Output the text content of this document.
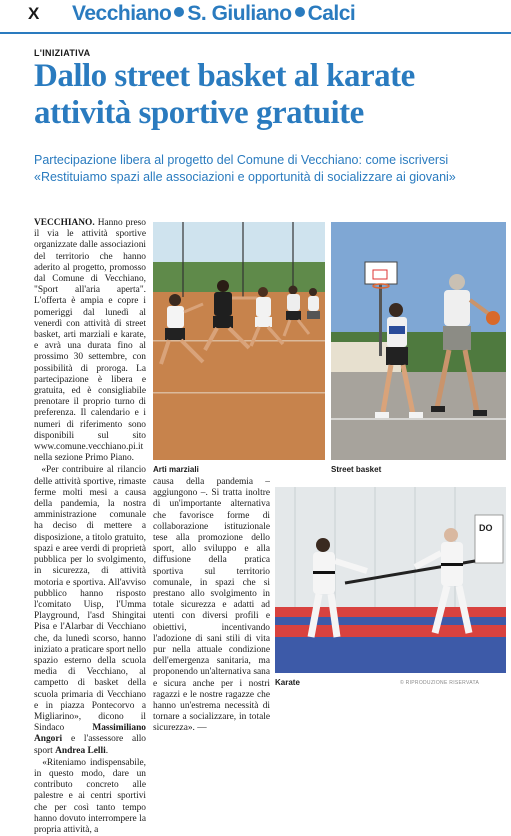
X Vecchiano S. Giuliano Calci
L'INIZIATIVA
Dallo street basket al karate attività sportive gratuite
Partecipazione libera al progetto del Comune di Vecchiano: come iscriversi
«Restituiamo spazi alle associazioni e opportunità di socializzare ai giovani»

VECCHIANO. Hanno preso il via le attività sportive organizzate dalle associazioni del territorio che hanno aderito al progetto, promosso dal Comune di Vecchiano, "Sport all'aria aperta". L'offerta è ampia e copre i pomeriggi dal lunedì al venerdì con attività di street basket, arti marziali e karate, e avrà una durata fino al prossimo 30 settembre, con possibilità di proroga. La partecipazione è libera e gratuita, ed è consigliabile prenotare il proprio turno di preferenza. Il calendario e i numeri di riferimento sono disponibili sul sito www.comune.vecchiano.pi.it nella sezione Primo Piano.

«Per contribuire al rilancio delle attività sportive, rimaste ferme molti mesi a causa della pandemia, la nostra amministrazione comunale ha deciso di mettere a disposizione, a titolo gratuito, spazi e aree verdi di proprietà pubblica per lo svolgimento, in sicurezza, di attività motoria e sportiva. All'avviso pubblico hanno risposto l'comitato Uisp, l'Umma Playground, l'asd Shingitai Pisa e l'Alarbar di Vecchiano che, da lunedì scorso, hanno iniziato a praticare sport nello spazio esterno della scuola media di Vecchiano, al campetto di basket della scuola primaria di Vecchiano e in piazza Pontecorvo a Migliarino», dicono il Sindaco	Massimiliano Angori e l'assessore allo sport Andrea Lelli.

«Riteniamo indispensabile, in questo modo, dare un contributo concreto alle palestre e ai centri sportivi che per così tanto tempo hanno dovuto interrompere la propria attività, a

causa della pandemia – aggiungono –. Si tratta inoltre di un'importante alternativa che favorisce forme di collaborazione istituzionale tese alla promozione dello sport, allo sviluppo e alla diffusione della pratica sportiva sul territorio comunale, in spazi che si prestano allo svolgimento in totale sicurezza e adatti ad utenti con diversi profili e obiettivi, incentivando l'adozione di sani stili di vita pur nella attuale condizione dell'emergenza sanitaria, ma proponendo un'alternativa sana e sicura anche per i nostri ragazzi e le nostre ragazze che hanno un'estrema necessità di tornare a socializzare, in totale sicurezza». —

Arti marziali	Street basket
DO
Karate	© RIPRODUZIONE RISERVATA
